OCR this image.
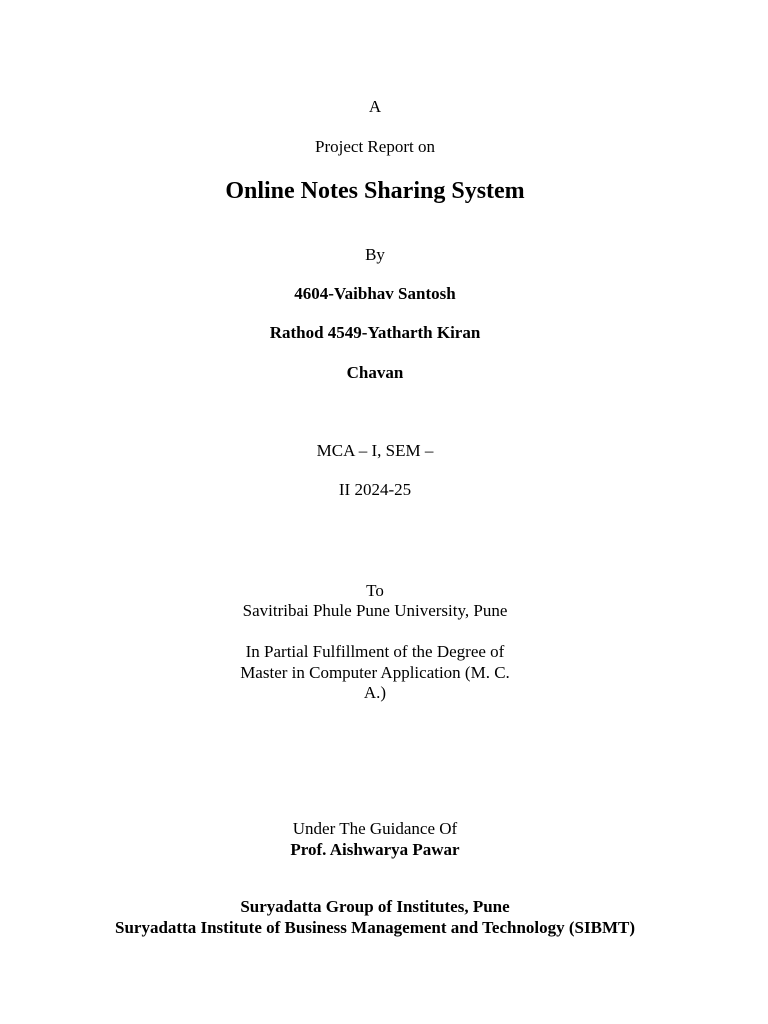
A
Project Report on
Online Notes Sharing System
By
4604-Vaibhav Santosh
Rathod 4549-Yatharth Kiran
Chavan
MCA – I, SEM –
II 2024-25
To
Savitribai Phule Pune University, Pune
In Partial Fulfillment of the Degree of
Master in Computer Application (M. C.
A.)
Under The Guidance Of
Prof. Aishwarya Pawar
Suryadatta Group of Institutes, Pune
Suryadatta Institute of Business Management and Technology (SIBMT)
